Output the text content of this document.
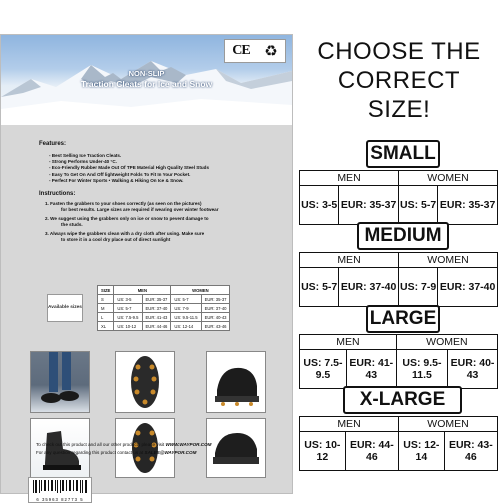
CE ♻
NON-SLIP
Traction Cleats for Ice and Snow
Features:
- Best Selling Ice Traction Cleats.
- Strong Performs Under-40 °C.
- Eco-Friendly Rubber Made Out Of TPE Material High Quality Steel Studs
- Easy To Get On And Off lightweight Folds To Fit In Your Pocket.
- Perfect For Winter Sports • Walking & Hiking On Ice & Snow.
Instructions:
1. Fasten the grabbers to your shoes correctly (as seen on the pictures)
for best results. Large sizes are required if wearing over winter footwear
2. We suggest using the grabbers only on ice or snow to pevent damage to
the studs.
3. Always wipe the grabbers clean with a dry cloth after using. Make sure
to store it in a cool dry place out of direct sunlight
Available sizes
SIZE	MEN		WOMEN	
S	US: 3-5	EUR: 35-37	US: 5-7	EUR: 35-37
M	US: 5-7	EUR: 37-40	US: 7-9	EUR: 37-40
L	US: 7.5-9.5	EUR: 41-43	US: 9.5-11.5	EUR: 40-43
XL	US: 10-12	EUR: 44-46	US: 12-14	EUR: 43-46
6 35963 82773 5
To check out this product and all our other products please visit WWW.WAYPOR.COM
For any question regarding this product contact us at SALES@WAYPOR.COM
CHOOSE THE
CORRECT
SIZE!
SMALL
MEN		WOMEN	
US: 3-5	EUR: 35-37	US: 5-7	EUR: 35-37
MEDIUM
MEN		WOMEN	
US: 5-7	EUR: 37-40	US: 7-9	EUR: 37-40
LARGE
MEN		WOMEN	
US: 7.5-9.5	EUR: 41-43	US: 9.5-11.5	EUR: 40-43
X-LARGE
MEN		WOMEN	
US: 10-12	EUR: 44-46	US: 12-14	EUR: 43-46
